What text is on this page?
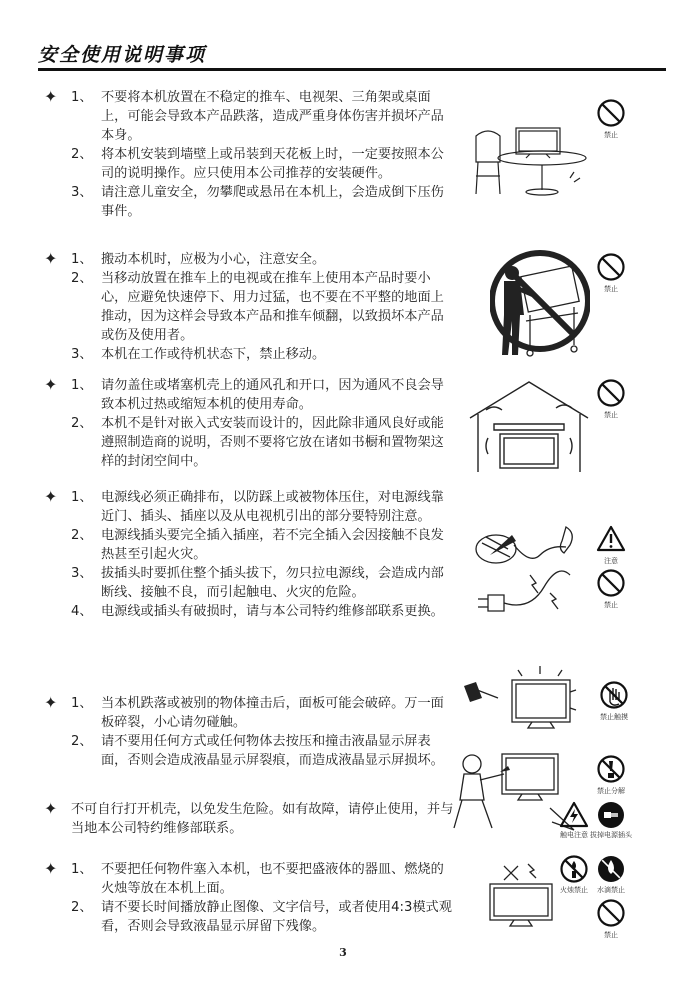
安全使用说明事项
✦	1、 不要将本机放置在不稳定的推车、电视架、三角架或桌面上，可能会导致本产品跌落，造成严重身体伤害并损坏产品本身。
2、 将本机安装到墙壁上或吊装到天花板上时，一定要按照本公司的说明操作。应只使用本公司推荐的安装硬件。
3、 请注意儿童安全，勿攀爬或悬吊在本机上，会造成倒下压伤事件。
✦	1、 搬动本机时，应极为小心，注意安全。
2、 当移动放置在推车上的电视或在推车上使用本产品时要小心，应避免快速停下、用力过猛，也不要在不平整的地面上推动，因为这样会导致本产品和推车倾翻，以致损坏本产品或伤及使用者。
3、 本机在工作或待机状态下，禁止移动。
✦	1、 请勿盖住或堵塞机壳上的通风孔和开口，因为通风不良会导致本机过热或缩短本机的使用寿命。
2、 本机不是针对嵌入式安装而设计的，因此除非通风良好或能遵照制造商的说明，否则不要将它放在诸如书橱和置物架这样的封闭空间中。
✦	1、 电源线必须正确排布，以防踩上或被物体压住，对电源线靠近门、插头、插座以及从电视机引出的部分要特别注意。
2、 电源线插头要完全插入插座，若不完全插入会因接触不良发热甚至引起火灾。
3、 拔插头时要抓住整个插头拔下，勿只拉电源线，会造成内部断线、接触不良，而引起触电、火灾的危险。
4、 电源线或插头有破损时，请与本公司特约维修部联系更换。
✦	1、 当本机跌落或被别的物体撞击后，面板可能会破碎。万一面板碎裂，小心请勿碰触。
2、 请不要用任何方式或任何物体去按压和撞击液晶显示屏表面，否则会造成液晶显示屏裂痕，而造成液晶显示屏损坏。
✦	不可自行打开机壳，以免发生危险。如有故障，请停止使用，并与当地本公司特约维修部联系。
✦	1、 不要把任何物件塞入本机，也不要把盛液体的器皿、燃烧的火烛等放在本机上面。
2、 请不要长时间播放静止图像、文字信号，或者使用4:3模式观看，否则会导致液晶显示屏留下残像。
禁止
禁止
禁止
注意
禁止
禁止触摸
禁止分解
触电注意 拔掉电源插头
火烛禁止	水滴禁止
禁止
3
